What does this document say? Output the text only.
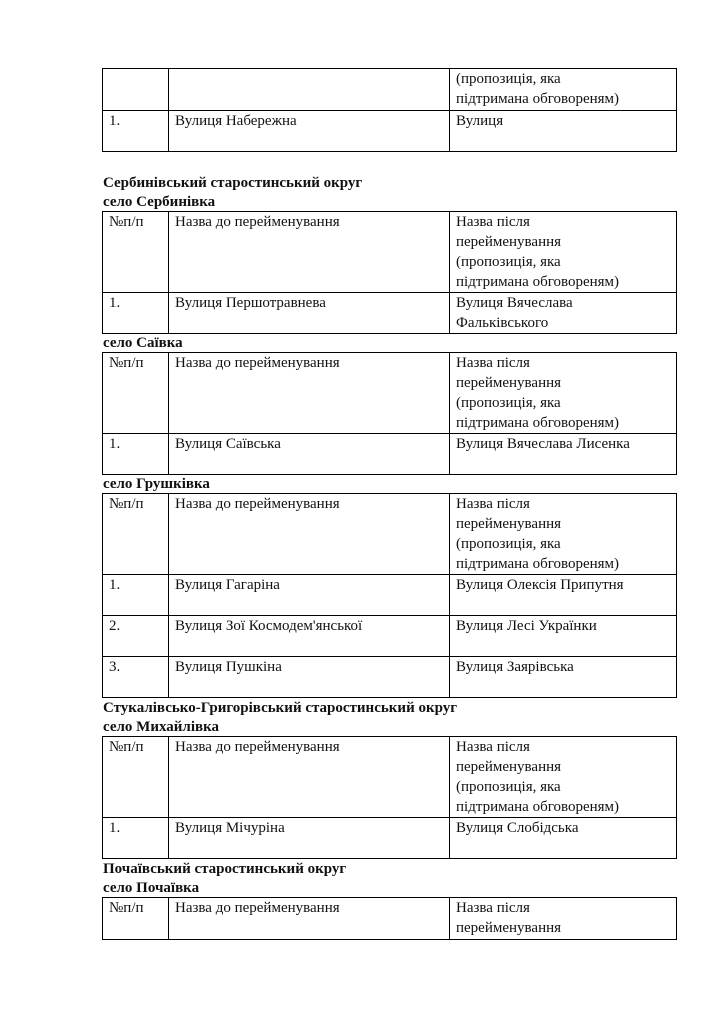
		(пропозиція, яка
підтримана обговореням)
1.	Вулиця Набережна	Вулиця
Сербинівський старостинський округ
село Сербинівка
№п/п	Назва до перейменування	Назва після
перейменування
(пропозиція, яка
підтримана обговореням)
1.	Вулиця Першотравнева	Вулиця Вячеслава
Фальківського
село Саївка
№п/п	Назва до перейменування	Назва після
перейменування
(пропозиція, яка
підтримана обговореням)
1.	Вулиця Саївська	Вулиця Вячеслава Лисенка
село Грушківка
№п/п	Назва до перейменування	Назва після
перейменування
(пропозиція, яка
підтримана обговореням)
1.	Вулиця Гагаріна	Вулиця Олексія Припутня
2.	Вулиця Зої Космодем'янської	Вулиця Лесі Українки
3.	Вулиця Пушкіна	Вулиця Заярівська
Стукалівсько-Григорівський старостинський округ
село Михайлівка
№п/п	Назва до перейменування	Назва після
перейменування
(пропозиція, яка
підтримана обговореням)
1.	Вулиця Мічуріна	Вулиця Слобідська
Почаївський старостинський округ
село Почаївка
№п/п	Назва до перейменування	Назва після
перейменування
